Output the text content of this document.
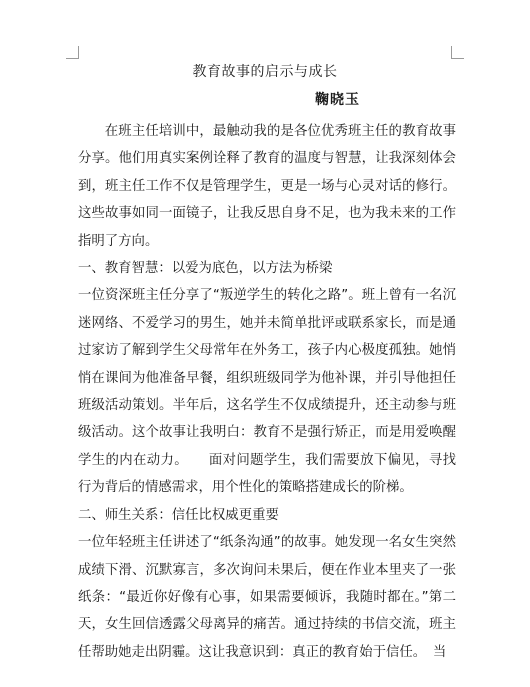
教育故事的启示与成长
鞠晓玉

在班主任培训中，最触动我的是各位优秀班主任的教育故事分享。他们用真实案例诠释了教育的温度与智慧，让我深刻体会到，班主任工作不仅是管理学生，更是一场与心灵对话的修行。这些故事如同一面镜子，让我反思自身不足，也为我未来的工作指明了方向。

一、教育智慧：以爱为底色，以方法为桥梁

一位资深班主任分享了“叛逆学生的转化之路”。班上曾有一名沉迷网络、不爱学习的男生，她并未简单批评或联系家长，而是通过家访了解到学生父母常年在外务工，孩子内心极度孤独。她悄悄在课间为他准备早餐，组织班级同学为他补课，并引导他担任班级活动策划。半年后，这名学生不仅成绩提升，还主动参与班级活动。这个故事让我明白：教育不是强行矫正，而是用爱唤醒学生的内在动力。　　面对问题学生，我们需要放下偏见，寻找行为背后的情感需求，用个性化的策略搭建成长的阶梯。

二、师生关系：信任比权威更重要

一位年轻班主任讲述了“纸条沟通”的故事。她发现一名女生突然成绩下滑、沉默寡言，多次询问未果后，便在作业本里夹了一张纸条：“最近你好像有心事，如果需要倾诉，我随时都在。”第二天，女生回信透露父母离异的痛苦。通过持续的书信交流，班主任帮助她走出阴霾。这让我意识到：真正的教育始于信任。　当
